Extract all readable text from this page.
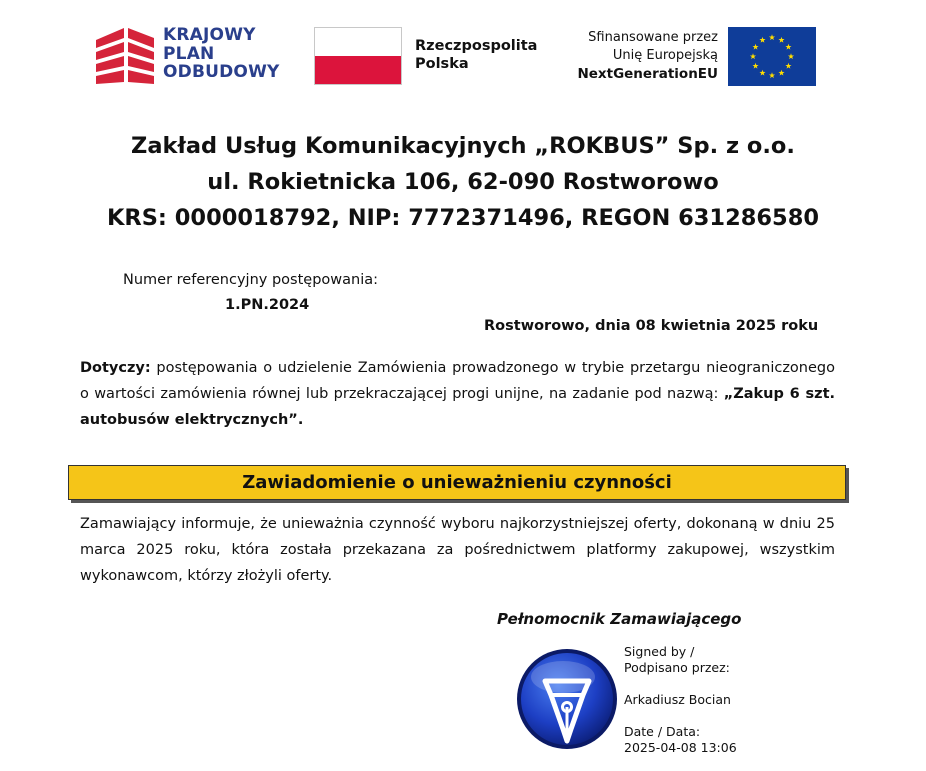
KRAJOWY
PLAN
ODBUDOWY
Rzeczpospolita
Polska
Sfinansowane przez
Unię Europejską
NextGenerationEU
Zakład Usług Komunikacyjnych „ROKBUS” Sp. z o.o.
ul. Rokietnicka 106, 62-090 Rostworowo
KRS: 0000018792, NIP: 7772371496, REGON 631286580
Numer referencyjny postępowania:
1.PN.2024
Rostworowo, dnia 08 kwietnia 2025 roku
Dotyczy: postępowania o udzielenie Zamówienia prowadzonego w trybie przetargu nieograniczonego o wartości zamówienia równej lub przekraczającej progi unijne, na zadanie pod nazwą: „Zakup 6 szt. autobusów elektrycznych”.
Zawiadomienie o unieważnieniu czynności
Zamawiający informuje, że unieważnia czynność wyboru najkorzystniejszej oferty, dokonaną w dniu 25 marca 2025 roku, która została przekazana za pośrednictwem platformy zakupowej, wszystkim wykonawcom, którzy złożyli oferty.
Pełnomocnik Zamawiającego
Signed by /
Podpisano przez:
Arkadiusz Bocian
Date / Data:
2025-04-08 13:06
